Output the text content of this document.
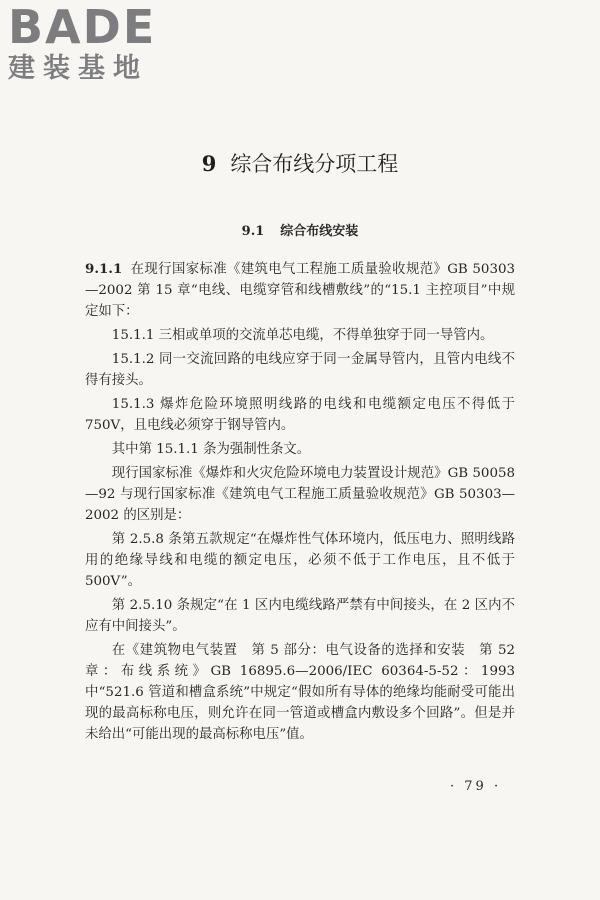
BADE
建装基地
9 综合布线分项工程
9.1 综合布线安装

9.1.1 在现行国家标准《建筑电气工程施工质量验收规范》GB 50303—2002 第 15 章“电线、电缆穿管和线槽敷线”的“15.1 主控项目”中规定如下：

15.1.1 三相或单项的交流单芯电缆，不得单独穿于同一导管内。

15.1.2 同一交流回路的电线应穿于同一金属导管内，且管内电线不得有接头。

15.1.3 爆炸危险环境照明线路的电线和电缆额定电压不得低于 750V，且电线必须穿于钢导管内。

其中第 15.1.1 条为强制性条文。

现行国家标准《爆炸和火灾危险环境电力装置设计规范》GB 50058—92 与现行国家标准《建筑电气工程施工质量验收规范》GB 50303—2002 的区别是：

第 2.5.8 条第五款规定“在爆炸性气体环境内，低压电力、照明线路用的绝缘导线和电缆的额定电压，必须不低于工作电压，且不低于 500V”。

第 2.5.10 条规定“在 1 区内电缆线路严禁有中间接头，在 2 区内不应有中间接头”。

在《建筑物电气装置　第 5 部分：电气设备的选择和安装　第 52 章：布线系统》GB 16895.6—2006/IEC 60364-5-52：1993 中“521.6 管道和槽盒系统”中规定“假如所有导体的绝缘均能耐受可能出现的最高标称电压，则允许在同一管道或槽盒内敷设多个回路”。但是并未给出“可能出现的最高标称电压”值。

· 79 ·
